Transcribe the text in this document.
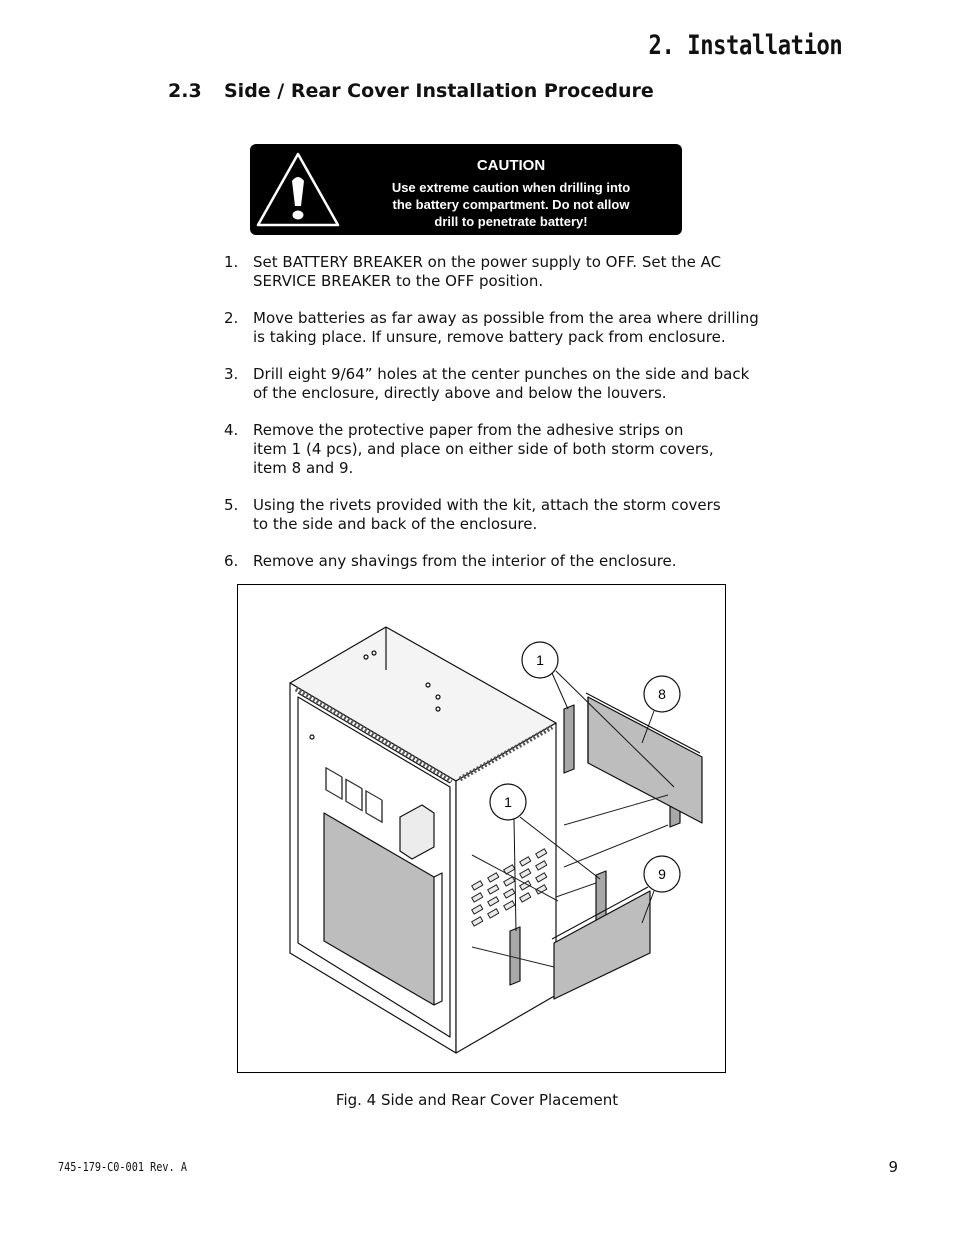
2. Installation
2.3 Side / Rear Cover Installation Procedure
CAUTION
Use extreme caution when drilling into
the battery compartment. Do not allow
drill to penetrate battery!
1. Set BATTERY BREAKER on the power supply to OFF. Set the AC
SERVICE BREAKER to the OFF position.
2. Move batteries as far away as possible from the area where drilling
is taking place. If unsure, remove battery pack from enclosure.
3. Drill eight 9/64” holes at the center punches on the side and back
of the enclosure, directly above and below the louvers.
4. Remove the protective paper from the adhesive strips on
item 1 (4 pcs), and place on either side of both storm covers,
item 8 and 9.
5. Using the rivets provided with the kit, attach the storm covers
to the side and back of the enclosure.
6. Remove any shavings from the interior of the enclosure.
1
8
1
9
Fig. 4 Side and Rear Cover Placement
745-179-C0-001 Rev. A	9
